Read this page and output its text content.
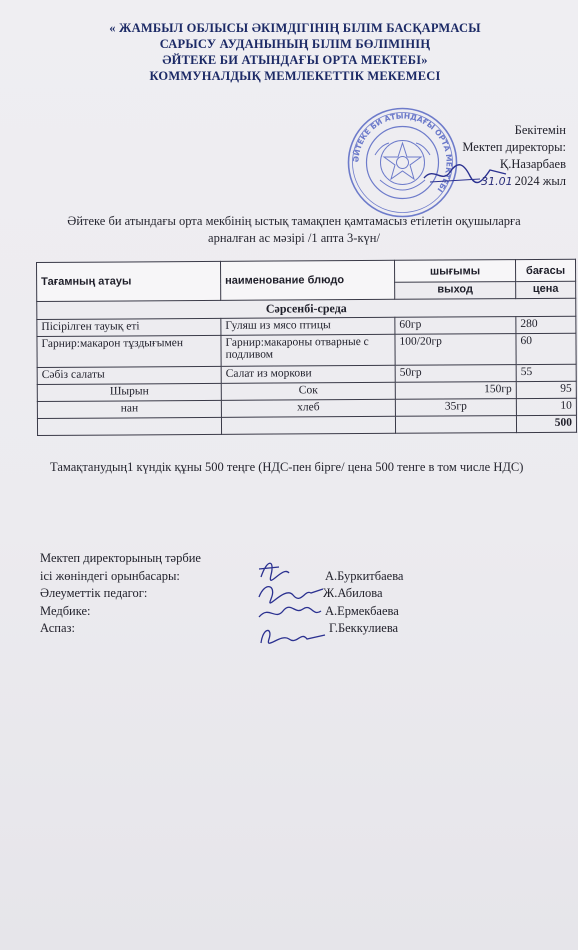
« ЖАМБЫЛ ОБЛЫСЫ ӘКІМДІГІНІҢ БІЛІМ БАСҚАРМАСЫ
САРЫСУ АУДАНЫНЫҢ БІЛІМ БӨЛІМІНІҢ
ӘЙТЕКЕ БИ АТЫНДАҒЫ ОРТА МЕКТЕБІ»
КОММУНАЛДЫҚ МЕМЛЕКЕТТІК МЕКЕМЕСІ
ӘЙТЕКЕ БИ АТЫНДАҒЫ ОРТА МЕКТЕБІ
Бекітемін
Мектеп директоры:
Қ.Назарбаев
31.01 2024 жыл
Әйтеке би атындағы орта мекбінің ыстық тамақпен қамтамасыз етілетін оқушыларға
арналған ас мәзірі /1 апта 3-күн/
Тағамның атауы	наименование блюдо	шығымы	бағасы
		выход	цена
Сәрсенбі-среда			
Пісірілген тауық еті	Гуляш из мясо птицы	60гр	280
Гарнир:макарон тұздығымен	Гарнир:макароны отварные с подливом	100/20гр	60
Сәбіз салаты	Салат из моркови	50гр	55
Шырын	Сок	150гр	95
нан	хлеб	35гр	10
			500
Тамақтанудың1 күндік құны 500 теңге (НДС-пен бірге/ цена 500 тенге в том числе НДС)
Мектеп директорының тәрбие
ісі жөніндегі орынбасары:	А.Буркитбаева
Әлеуметтік педагог:	Ж.Абилова
Медбике:	А.Ермекбаева
Аспаз:	Г.Беккулиева
